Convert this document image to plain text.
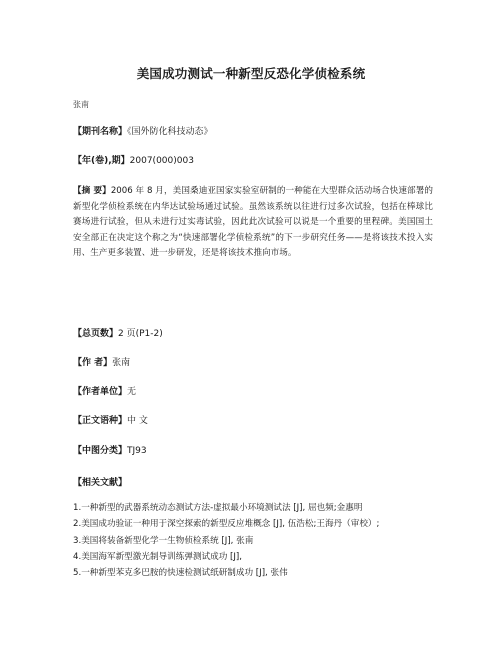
美国成功测试一种新型反恐化学侦检系统
张南
【期刊名称】《国外防化科技动态》
【年(卷),期】2007(000)003
【摘 要】2006 年 8 月，美国桑迪亚国家实验室研制的一种能在大型群众活动场合快速部署的新型化学侦检系统在内华达试验场通过试验。虽然该系统以往进行过多次试验，包括在棒球比赛场进行试验，但从未进行过实毒试验，因此此次试验可以说是一个重要的里程碑。美国国土安全部正在决定这个称之为“快速部署化学侦检系统”的下一步研究任务——是将该技术投入实用、生产更多装置、进一步研发，还是将该技术推向市场。
【总页数】2 页(P1-2)
【作 者】张南
【作者单位】无
【正文语种】中 文
【中图分类】TJ93
【相关文献】
1.一种新型的武器系统动态测试方法-虚拟最小环境测试法 [J], 屈也频;金惠明
2.美国成功验证一种用于深空探索的新型反应堆概念 [J], 伍浩松;王海丹（审校）;
3.美国将装备新型化学一生物侦检系统 [J], 张南
4.美国海军新型激光制导训练弹测试成功 [J],
5.一种新型苯克多巴胺的快速检测试纸研制成功 [J], 张伟
